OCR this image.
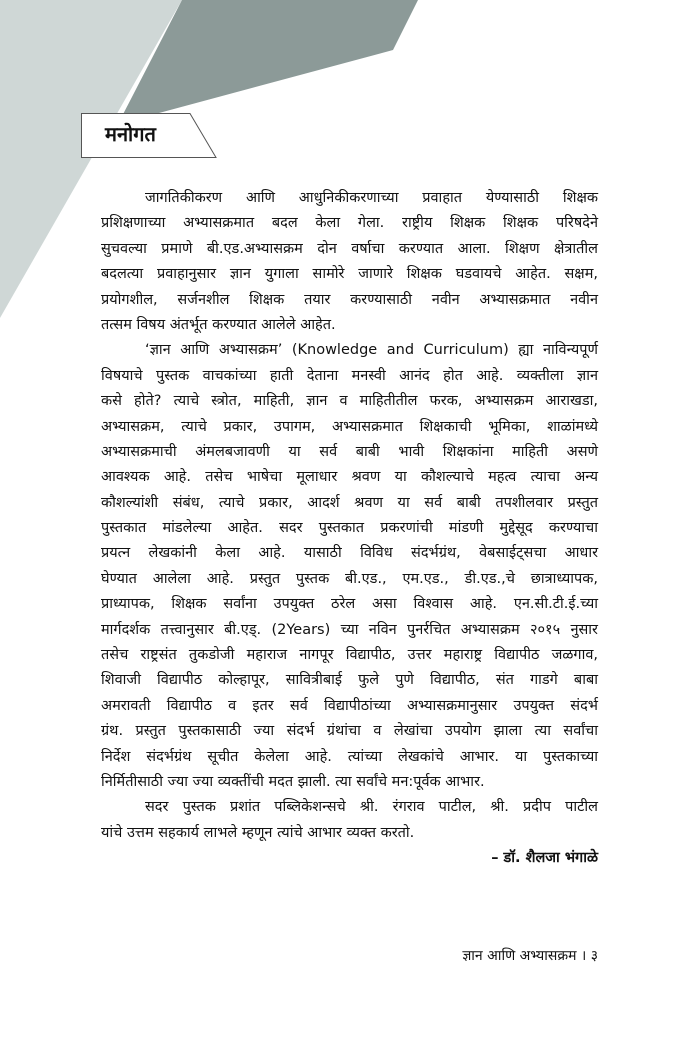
मनोगत
जागतिकीकरण आणि आधुनिकीकरणाच्या प्रवाहात येण्यासाठी शिक्षक
प्रशिक्षणाच्या अभ्यासक्रमात बदल केला गेला. राष्ट्रीय शिक्षक शिक्षक परिषदेने
सुचवल्या प्रमाणे बी.एड.अभ्यासक्रम दोन वर्षाचा करण्यात आला. शिक्षण क्षेत्रातील
बदलत्या प्रवाहानुसार ज्ञान युगाला सामोरे जाणारे शिक्षक घडवायचे आहेत. सक्षम,
प्रयोगशील, सर्जनशील शिक्षक तयार करण्यासाठी नवीन अभ्यासक्रमात नवीन
तत्सम विषय अंतर्भूत करण्यात आलेले आहेत.
‘ज्ञान आणि अभ्यासक्रम’ (Knowledge and Curriculum) ह्या नाविन्यपूर्ण
विषयाचे पुस्तक वाचकांच्या हाती देताना मनस्वी आनंद होत आहे. व्यक्तीला ज्ञान
कसे होते? त्याचे स्त्रोत, माहिती, ज्ञान व माहितीतील फरक, अभ्यासक्रम आराखडा,
अभ्यासक्रम, त्याचे प्रकार, उपागम, अभ्यासक्रमात शिक्षकाची भूमिका, शाळांमध्ये
अभ्यासक्रमाची अंमलबजावणी या सर्व बाबी भावी शिक्षकांना माहिती असणे
आवश्यक आहे. तसेच भाषेचा मूलाधार श्रवण या कौशल्याचे महत्व त्याचा अन्य
कौशल्यांशी संबंध, त्याचे प्रकार, आदर्श श्रवण या सर्व बाबी तपशीलवार प्रस्तुत
पुस्तकात मांडलेल्या आहेत. सदर पुस्तकात प्रकरणांची मांडणी मुद्देसूद करण्याचा
प्रयत्न लेखकांनी केला आहे. यासाठी विविध संदर्भग्रंथ, वेबसाईट्सचा आधार
घेण्यात आलेला आहे. प्रस्तुत पुस्तक बी.एड., एम.एड., डी.एड.,चे छात्राध्यापक,
प्राध्यापक, शिक्षक सर्वांना उपयुक्त ठरेल असा विश्वास आहे. एन.सी.टी.ई.च्या
मार्गदर्शक तत्त्वानुसार बी.एड्. (2Years) च्या नविन पुनर्रचित अभ्यासक्रम २०१५ नुसार
तसेच राष्ट्रसंत तुकडोजी महाराज नागपूर विद्यापीठ, उत्तर महाराष्ट्र विद्यापीठ जळगाव,
शिवाजी विद्यापीठ कोल्हापूर, सावित्रीबाई फुले पुणे विद्यापीठ, संत गाडगे बाबा
अमरावती विद्यापीठ व इतर सर्व विद्यापीठांच्या अभ्यासक्रमानुसार उपयुक्त संदर्भ
ग्रंथ. प्रस्तुत पुस्तकासाठी ज्या संदर्भ ग्रंथांचा व लेखांचा उपयोग झाला त्या सर्वांचा
निर्देश संदर्भग्रंथ सूचीत केलेला आहे. त्यांच्या लेखकांचे आभार. या पुस्तकाच्या
निर्मितीसाठी ज्या ज्या व्यक्तींची मदत झाली. त्या सर्वांचे मन:पूर्वक आभार.
सदर पुस्तक प्रशांत पब्लिकेशन्सचे श्री. रंगराव पाटील, श्री. प्रदीप पाटील
यांचे उत्तम सहकार्य लाभले म्हणून त्यांचे आभार व्यक्त करतो.
– डॉ. शैलजा भंगाळे
ज्ञान आणि अभ्यासक्रम । ३
